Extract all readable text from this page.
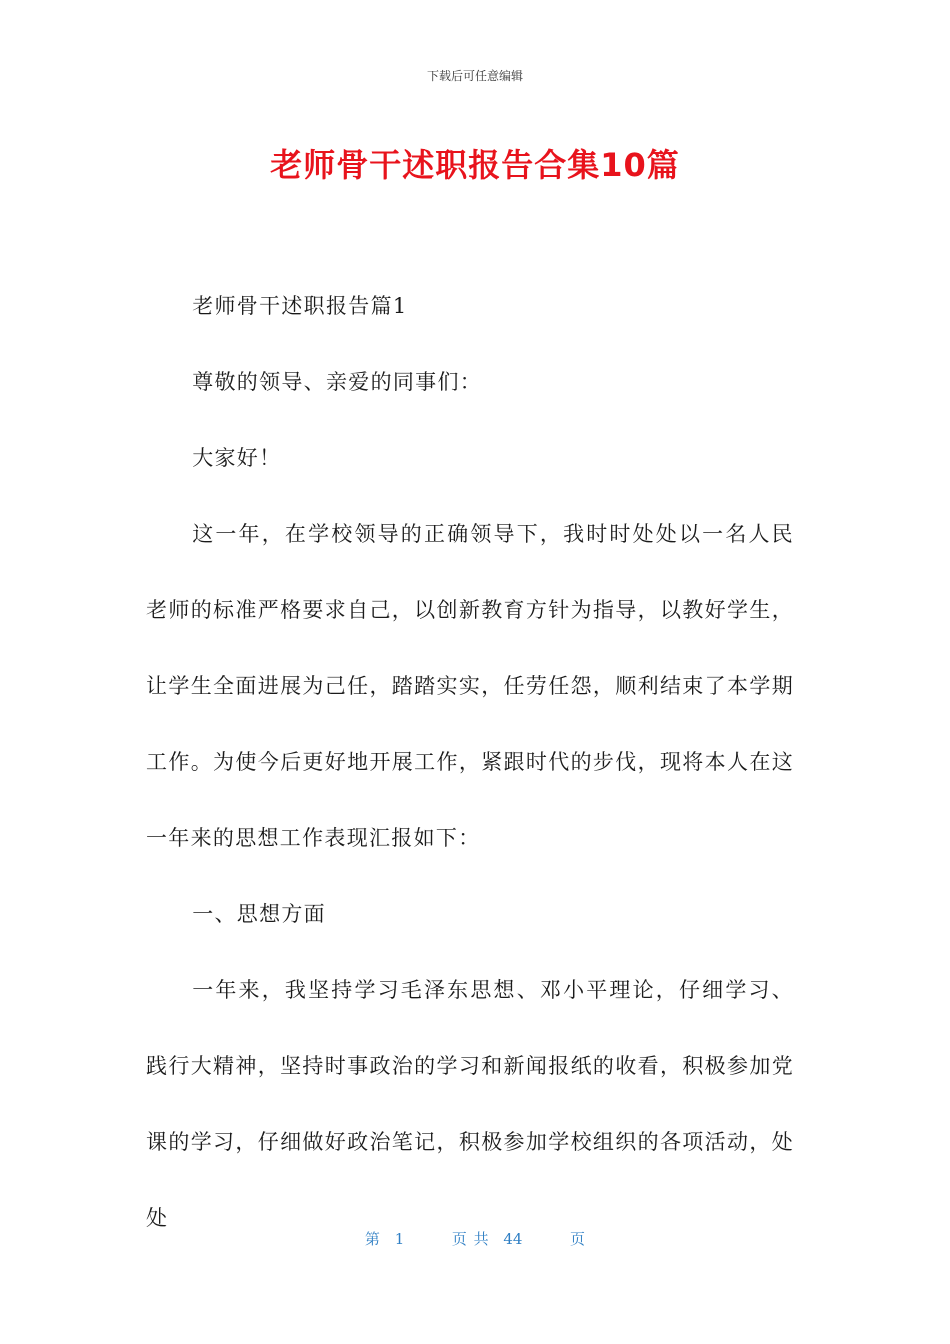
下载后可任意编辑
老师骨干述职报告合集10篇

老师骨干述职报告篇1

尊敬的领导、亲爱的同事们：

大家好！

这一年，在学校领导的正确领导下，我时时处处以一名人民老师的标准严格要求自己，以创新教育方针为指导，以教好学生，让学生全面进展为己任，踏踏实实，任劳任怨，顺利结束了本学期工作。为使今后更好地开展工作，紧跟时代的步伐，现将本人在这一年来的思想工作表现汇报如下：

一、思想方面

一年来，我坚持学习毛泽东思想、邓小平理论，仔细学习、践行大精神，坚持时事政治的学习和新闻报纸的收看，积极参加党课的学习，仔细做好政治笔记，积极参加学校组织的各项活动，处处

第 1	页 共 44	页
